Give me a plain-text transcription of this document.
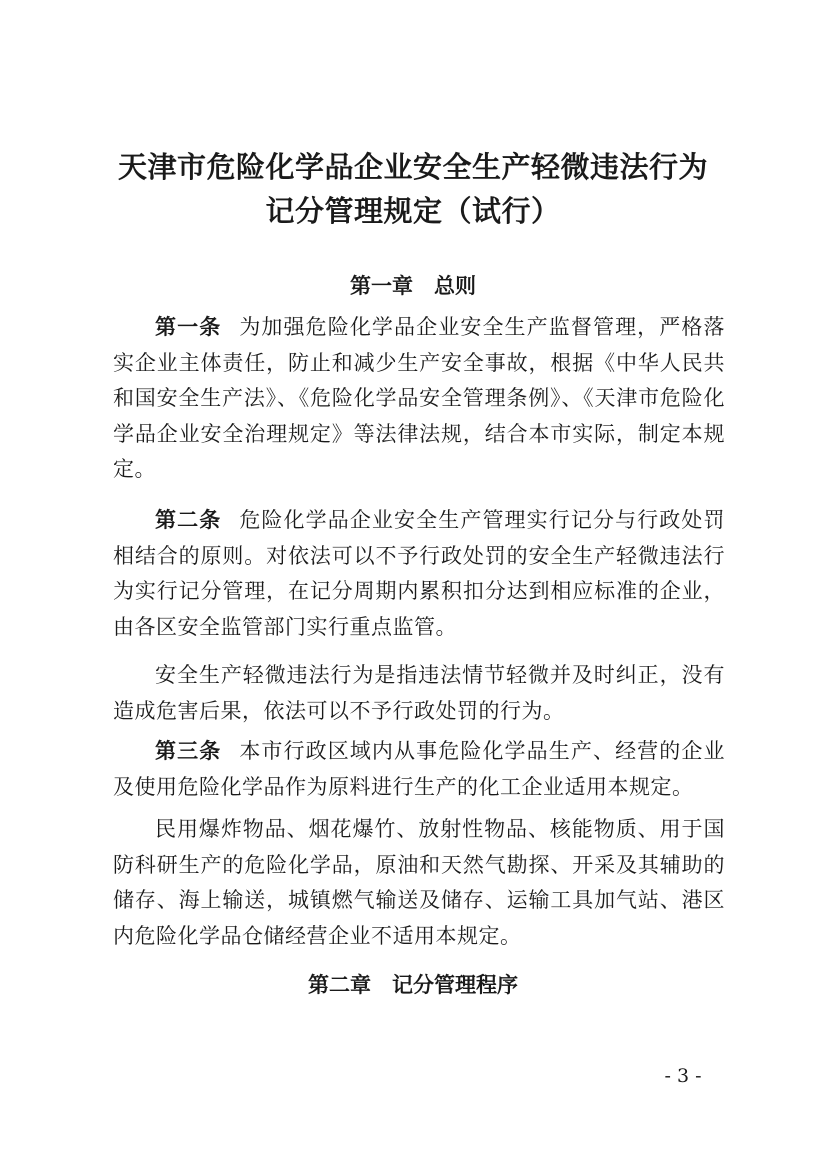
天津市危险化学品企业安全生产轻微违法行为
记分管理规定（试行）
第一章　总则

第一条 为加强危险化学品企业安全生产监督管理，严格落实企业主体责任，防止和减少生产安全事故，根据《中华人民共和国安全生产法》、《危险化学品安全管理条例》、《天津市危险化学品企业安全治理规定》等法律法规，结合本市实际，制定本规定。

第二条 危险化学品企业安全生产管理实行记分与行政处罚相结合的原则。对依法可以不予行政处罚的安全生产轻微违法行为实行记分管理，在记分周期内累积扣分达到相应标准的企业，由各区安全监管部门实行重点监管。

安全生产轻微违法行为是指违法情节轻微并及时纠正，没有造成危害后果，依法可以不予行政处罚的行为。

第三条 本市行政区域内从事危险化学品生产、经营的企业及使用危险化学品作为原料进行生产的化工企业适用本规定。

民用爆炸物品、烟花爆竹、放射性物品、核能物质、用于国防科研生产的危险化学品，原油和天然气勘探、开采及其辅助的储存、海上输送，城镇燃气输送及储存、运输工具加气站、港区内危险化学品仓储经营企业不适用本规定。

第二章　记分管理程序
- 3 -
